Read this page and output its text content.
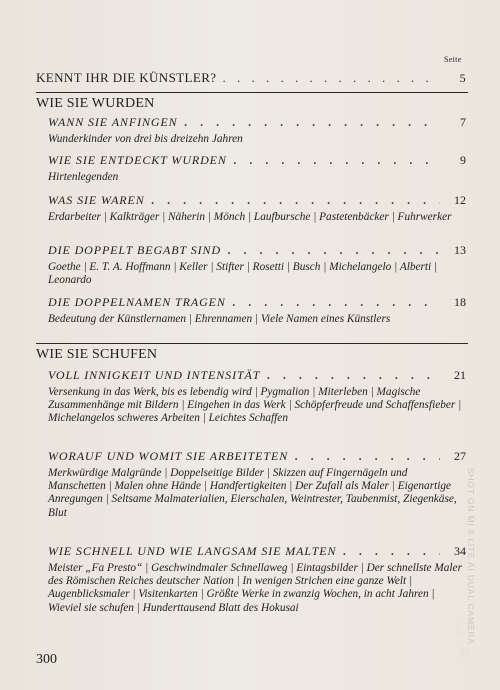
Seite
KENNT IHR DIE KÜNSTLER? . . .	5
WIE SIE WURDEN
WANN SIE ANFINGEN . . .	7
Wunderkinder von drei bis dreizehn Jahren
WIE SIE ENTDECKT WURDEN . . .	9
Hirtenlegenden
WAS SIE WAREN . . .	12
Erdarbeiter | Kalkträger | Näherin | Mönch | Laufbursche | Pastetenbäcker | Fuhrwerker
DIE DOPPELT BEGABT SIND . . .	13
Goethe | E. T. A. Hoffmann | Keller | Stifter | Rosetti | Busch | Michelangelo | Alberti | Leonardo
DIE DOPPELNAMEN TRAGEN . . .	18
Bedeutung der Künstlernamen | Ehrennamen | Viele Namen eines Künstlers
WIE SIE SCHUFEN
VOLL INNIGKEIT UND INTENSITÄT . . .	21
Versenkung in das Werk, bis es lebendig wird | Pygmalion | Miterleben | Magische Zusammenhänge mit Bildern | Eingehen in das Werk | Schöpferfreude und Schaffensfieber | Michelangelos schweres Arbeiten | Leichtes Schaffen
WORAUF UND WOMIT SIE ARBEITETEN . . .	27
Merkwürdige Malgründe | Doppelseitige Bilder | Skizzen auf Fingernägeln und Manschetten | Malen ohne Hände | Handfertigkeiten | Der Zufall als Maler | Eigenartige Anregungen | Seltsame Malmaterialien, Eierschalen, Weintrester, Taubenmist, Ziegenkäse, Blut
WIE SCHNELL UND WIE LANGSAM SIE MALTEN . . .	34
Meister „Fa Presto“ | Geschwindmaler Schnellaweg | Eintagsbilder | Der schnellste Maler des Römischen Reiches deutscher Nation | In wenigen Strichen eine ganze Welt | Augenblicksmaler | Visitenkarten | Größte Werke in zwanzig Wochen, in acht Jahren | Wieviel sie schufen | Hunderttausend Blatt des Hokusai
300
SHOT ON MI 8 LITE AI DUAL CAMERA
